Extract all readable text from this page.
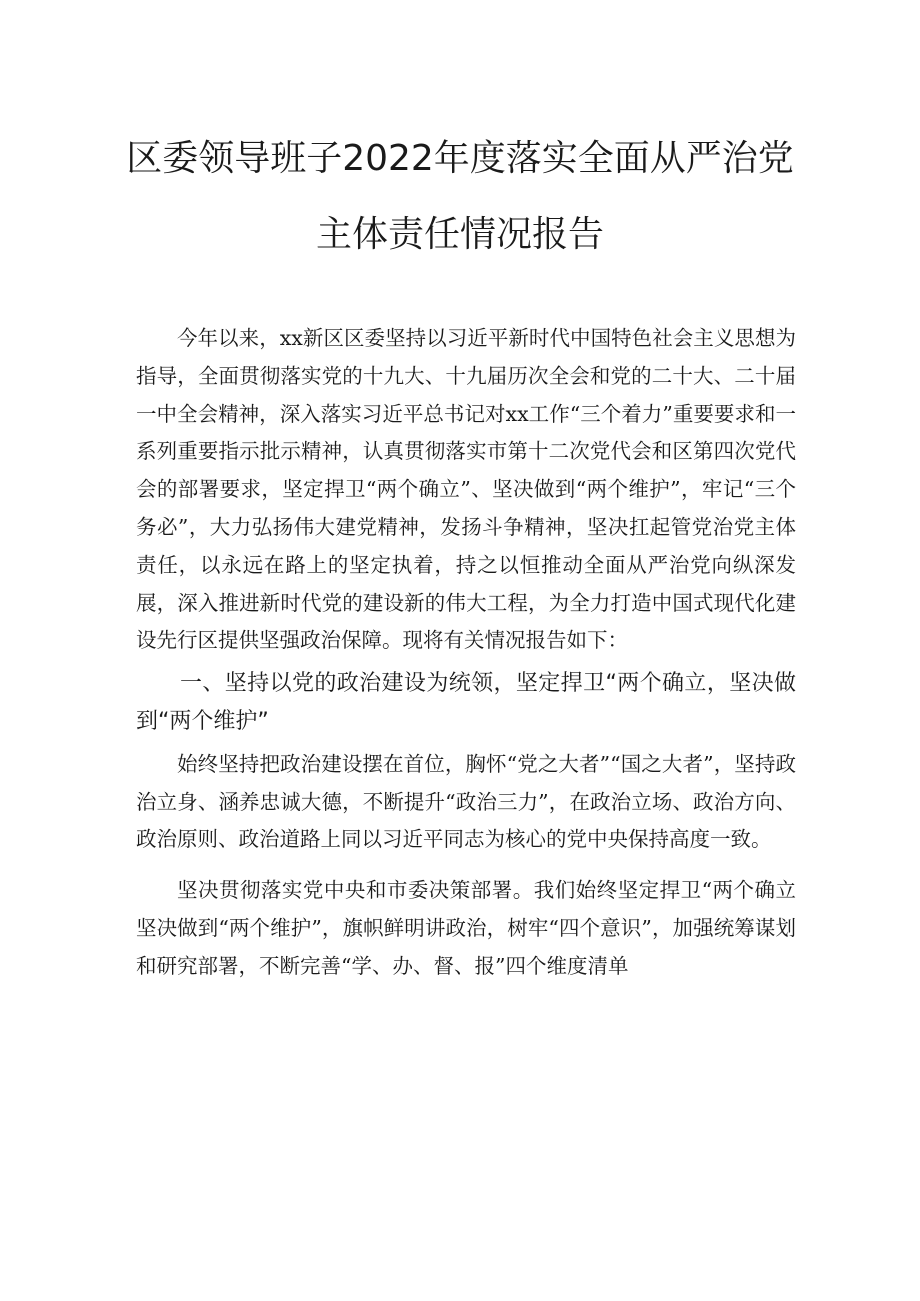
区委领导班子2022年度落实全面从严治党
主体责任情况报告

今年以来，xx新区区委坚持以习近平新时代中国特色社会主义思想为指导，全面贯彻落实党的十九大、十九届历次全会和党的二十大、二十届一中全会精神，深入落实习近平总书记对xx工作“三个着力”重要要求和一系列重要指示批示精神，认真贯彻落实市第十二次党代会和区第四次党代会的部署要求，坚定捍卫“两个确立”、坚决做到“两个维护”，牢记“三个务必”，大力弘扬伟大建党精神，发扬斗争精神，坚决扛起管党治党主体责任，以永远在路上的坚定执着，持之以恒推动全面从严治党向纵深发展，深入推进新时代党的建设新的伟大工程，为全力打造中国式现代化建设先行区提供坚强政治保障。现将有关情况报告如下：

一、坚持以党的政治建设为统领，坚定捍卫“两个确立，坚决做到“两个维护”

始终坚持把政治建设摆在首位，胸怀“党之大者”“国之大者”，坚持政治立身、涵养忠诚大德，不断提升“政治三力”，在政治立场、政治方向、政治原则、政治道路上同以习近平同志为核心的党中央保持高度一致。

坚决贯彻落实党中央和市委决策部署。我们始终坚定捍卫“两个确立坚决做到“两个维护”，旗帜鲜明讲政治，树牢“四个意识”，加强统筹谋划和研究部署，不断完善“学、办、督、报”四个维度清单
